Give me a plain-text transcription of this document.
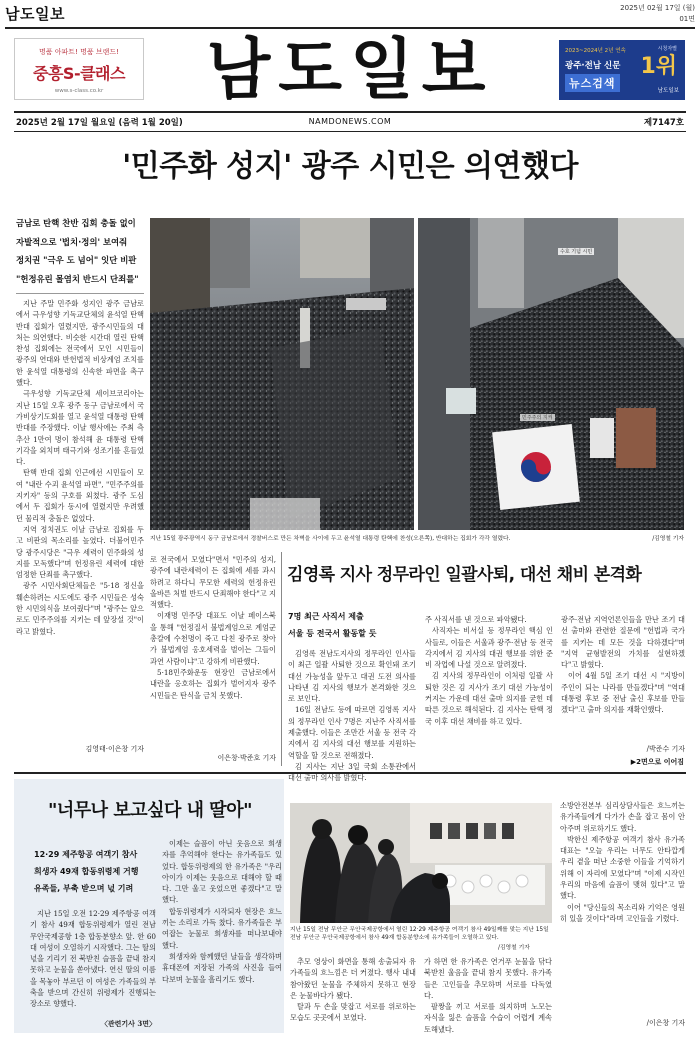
남도일보	2025년 02월 17일 (월)
01면
명품 아파트! 명품 브랜드!
중흥S-클래스
www.s-class.co.kr	남도일보	2023~2024년 2년 연속
광주·전남 신문
뉴스검색
시청자별
1위
남도일보
2025년 2월 17일 월요일 (음력 1월 20일)	NAMDONEWS.COM	제7147호
'민주화 성지' 광주 시민은 의연했다
금남로 탄핵 찬반 집회 충돌 없이
자발적으로 '법치·정의' 보여줘
정치권 "극우 도 넘어" 잇단 비판
"헌정유린 몰염치 반드시 단죄를"

지난 주말 민주화 성지인 광주 금남로에서 극우성향 기독교단체의 윤석열 탄핵 반대 집회가 열렸지만, 광주시민들의 대처는 의연했다. 비슷한 시간대 열린 탄핵 찬성 집회에는 전국에서 모인 시민들이 광주의 연대와 반헌법적 비상계엄 조치를 한 윤석열 대통령의 신속한 파면을 촉구했다.

극우성향 기독교단체 세이브코리아는 지난 15일 오후 광주 동구 금남로에서 국가비상기도회를 열고 윤석열 대통령 탄핵 반대를 주장했다. 이날 행사에는 주최 측 추산 1만여 명이 참석해 윤 대통령 탄핵 기각을 외치며 태극기와 성조기를 흔들었다.

탄핵 반대 집회 인근에선 시민들이 모여 "내란 수괴 윤석열 파면", "민주주의를 지키자" 등의 구호를 외쳤다. 광주 도심에서 두 집회가 동시에 열렸지만 우려했던 물리적 충돌은 없었다.

지역 정치권도 이날 금남로 집회를 두고 비판의 목소리를 높였다. 더불어민주당 광주시당은 "극우 세력이 민주화의 성지를 모독했다"며 헌정유린 세력에 대한 엄정한 단죄를 촉구했다.

광주 시민사회단체들은 "5·18 정신을 훼손하려는 시도에도 광주 시민들은 성숙한 시민의식을 보여줬다"며 "광주는 앞으로도 민주주의를 지키는 데 앞장설 것"이라고 밝혔다.

김영태·이은창 기자
민주주의 지켜
수호 기념 시민
지난 15일 광주광역시 동구 금남로에서 경찰버스로 만든 차벽을 사이에 두고 윤석열 대통령 탄핵에 찬성(오른쪽), 반대하는 집회가 각각 열렸다.	/김영철 기자

로 전국에서 모였다"면서 "민주의 성지, 광주에 내란세력이 든 집회에 세를 과시하려고 하다니 무모한 세력의 헌정유린 올바른 처벌 반드시 단죄해야 한다"고 지적했다.

이재명 민주당 대표도 이날 페이스북을 통해 "헌정질서 불법계엄으로 계엄군 총칼에 수천명이 죽고 다친 광주로 찾아가 불법계엄 옹호세력을 벌이는 그들이 과연 사람이냐"고 강하게 비판했다.

5·18민주화운동 현장인 금남로에서 내란을 옹호하는 집회가 벌어지자 광주시민들은 탄식을 금치 못했다.

이은창·박준호 기자
김영록 지사 정무라인 일괄사퇴, 대선 채비 본격화
7명 최근 사직서 제출
서울 등 전국서 활동할 듯

김영록 전남도지사의 정무라인 인사들이 최근 일괄 사퇴한 것으로 확인돼 조기 대선 가능성을 앞두고 대권 도전 의사를 나타낸 김 지사의 행보가 본격화한 것으로 보인다.

16일 전남도 등에 따르면 김영록 지사의 정무라인 인사 7명은 지난주 사직서를 제출했다. 이들은 조만간 서울 등 전국 각지에서 김 지사의 대선 행보를 지원하는 역할을 할 것으로 전해졌다.

김 지사는 지난 3일 국회 소통관에서 대선 출마 의사를 밝혔다.

주 사직서를 낸 것으로 파악됐다.

사직자는 비서실 등 정무라인 핵심 인사들로, 이들은 서울과 광주·전남 등 전국 각지에서 김 지사의 대권 행보를 위한 준비 작업에 나설 것으로 알려졌다.

김 지사의 정무라인이 이처럼 일괄 사퇴한 것은 김 지사가 조기 대선 가능성이 커지는 가운데 대선 출마 의지를 굳힌 데 따른 것으로 해석된다. 김 지사는 탄핵 정국 이후 대선 채비를 하고 있다.

광주·전남 지역언론인들을 만난 조기 대선 출마와 관련한 질문에 "헌법과 국가를 지키는 데 모든 것을 다하겠다"며 "지역 균형발전의 가치를 실현하겠다"고 밝혔다.

이어 4월 5일 조기 대선 시 "지방이 주인이 되는 나라를 만들겠다"며 "역대 대통령 후보 중 전남 출신 후보를 만들겠다"고 출마 의지를 재확인했다.

/박준수 기자
▶2면으로 이어짐
"너무나 보고싶다 내 딸아"
12·29 제주항공 여객기 참사
희생자 49재 합동위령제 거행
유족들, 부축 받으며 넋 기려

지난 15일 오전 12·29 제주항공 여객기 참사 49재 합동위령제가 열린 전남 무안국제공항 1층 합동분향소 앞. 한 60대 여성이 오열하기 시작했다. 그는 딸의 넋을 기리기 전 북받친 슬픔을 끝내 참지 못하고 눈물을 쏟아냈다. 연신 딸의 이름을 목놓아 부르던 이 여성은 가족들의 부축을 받으며 간신히 위령제가 진행되는 장소로 향했다.

〈관련기사 3면〉

이제는 슬픔이 아닌 웃음으로 희생자를 추억해야 한다는 유가족들도 있었다. 합동위령제의 한 유가족은 "우리 아이가 이제는 웃음으로 대해야 할 때다. 그만 울고 웃었으면 좋겠다"고 말했다.

합동위령제가 시작되자 현장은 흐느끼는 소리로 가득 찼다. 유가족들은 부여잡는 눈물로 희생자를 떠나보내야 했다.

희생자와 함께했던 날들을 생각하며 휴대폰에 저장된 가족의 사진을 들여다보며 눈물을 흘리기도 했다.

지난 15일 전남 무안군 무안국제공항에서 열린 12·29 제주항공 여객기 참사 49일째를 맞는 지난 15일 전남 무안군 무안국제공항에서 참사 49재 합동분향소에 유가족들이 오열하고 있다.
/김영철 기자

추모 영상이 화면을 통해 송출되자 유가족들의 흐느낌은 더 커졌다. 행사 내내 참아왔던 눈물을 주체하지 못하고 현장은 눈물바다가 됐다.

탈과 두 손을 맞잡고 서로를 위로하는 모습도 곳곳에서 보였다.

가 하면 한 유가족은 연거푸 눈물을 닦다 북받친 울음을 끝내 참지 못했다. 유가족들은 고인들을 추모하며 서로를 다독였다.

팔짱을 끼고 서로를 의지하며 노모는 자식을 잃은 슬픔을 수습이 어렵게 계속 토해냈다.

소방안전본부 심리상담사들은 흐느끼는 유가족들에게 다가가 손을 잡고 몸이 안아주며 위로하기도 했다.

박한신 제주항공 여객기 참사 유가족 대표는 "오늘 우리는 너무도 안타깝게 우리 곁을 떠난 소중한 이들을 기억하기 위해 이 자리에 모였다"며 "이제 시작인 우리의 마음에 슬픔이 맺혀 있다"고 말했다.

이어 "당신들의 목소리와 기억은 영원히 있을 것이다"라며 고인들을 기렸다.

/이은창 기자
